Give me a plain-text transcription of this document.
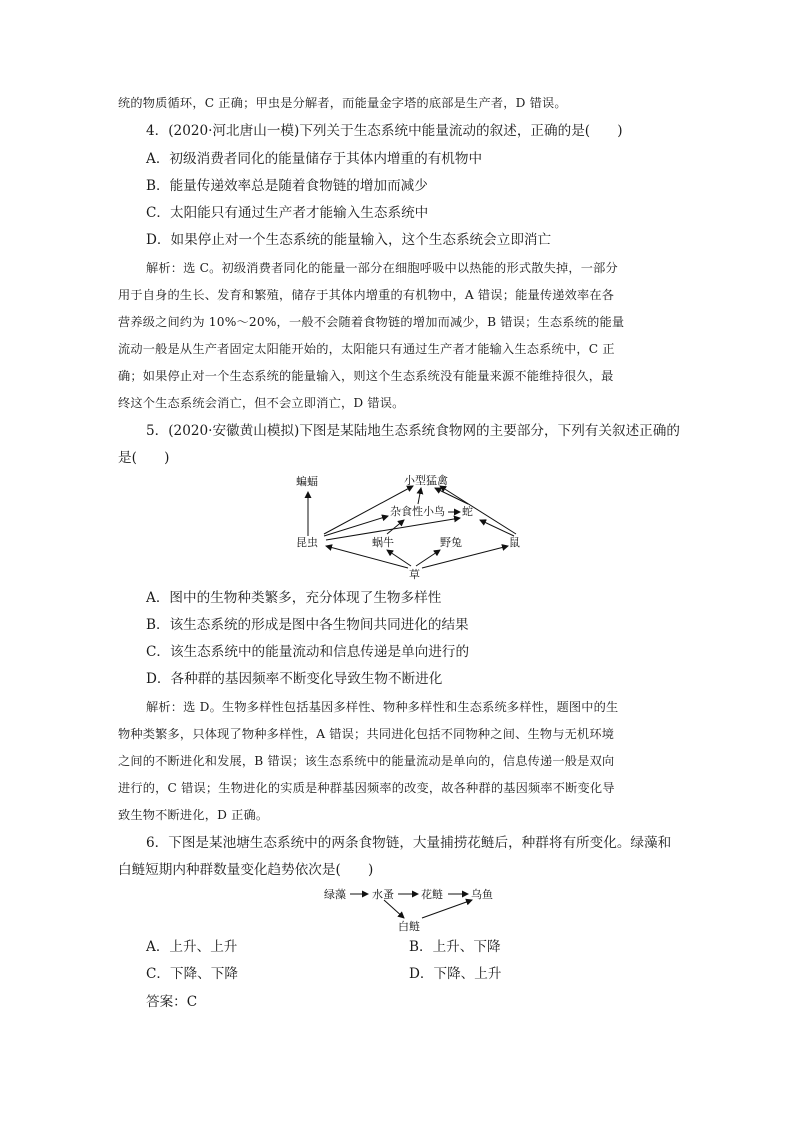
统的物质循环，C 正确；甲虫是分解者，而能量金字塔的底部是生产者，D 错误。
4．(2020·河北唐山一模)下列关于生态系统中能量流动的叙述，正确的是(　　)
A．初级消费者同化的能量储存于其体内增重的有机物中
B．能量传递效率总是随着食物链的增加而减少
C．太阳能只有通过生产者才能输入生态系统中
D．如果停止对一个生态系统的能量输入，这个生态系统会立即消亡
解析：选 C。初级消费者同化的能量一部分在细胞呼吸中以热能的形式散失掉，一部分
用于自身的生长、发育和繁殖，储存于其体内增重的有机物中，A 错误；能量传递效率在各
营养级之间约为 10%～20%，一般不会随着食物链的增加而减少，B 错误；生态系统的能量
流动一般是从生产者固定太阳能开始的，太阳能只有通过生产者才能输入生态系统中，C 正
确；如果停止对一个生态系统的能量输入，则这个生态系统没有能量来源不能维持很久，最
终这个生态系统会消亡，但不会立即消亡，D 错误。
5．(2020·安徽黄山模拟)下图是某陆地生态系统食物网的主要部分，下列有关叙述正确的
是(　　)
蝙蝠	小型猛禽
杂食性小鸟 蛇
昆虫	蜗牛	野兔	鼠
草
A．图中的生物种类繁多，充分体现了生物多样性
B．该生态系统的形成是图中各生物间共同进化的结果
C．该生态系统中的能量流动和信息传递是单向进行的
D．各种群的基因频率不断变化导致生物不断进化
解析：选 D。生物多样性包括基因多样性、物种多样性和生态系统多样性，题图中的生
物种类繁多，只体现了物种多样性，A 错误；共同进化包括不同物种之间、生物与无机环境
之间的不断进化和发展，B 错误；该生态系统中的能量流动是单向的，信息传递一般是双向
进行的，C 错误；生物进化的实质是种群基因频率的改变，故各种群的基因频率不断变化导
致生物不断进化，D 正确。
6．下图是某池塘生态系统中的两条食物链，大量捕捞花鲢后，种群将有所变化。绿藻和
白鲢短期内种群数量变化趋势依次是(　　)
绿藻 水蚤 花鲢	乌鱼
白鲢
A．上升、上升	B．上升、下降
C．下降、下降	D．下降、上升
答案：C
